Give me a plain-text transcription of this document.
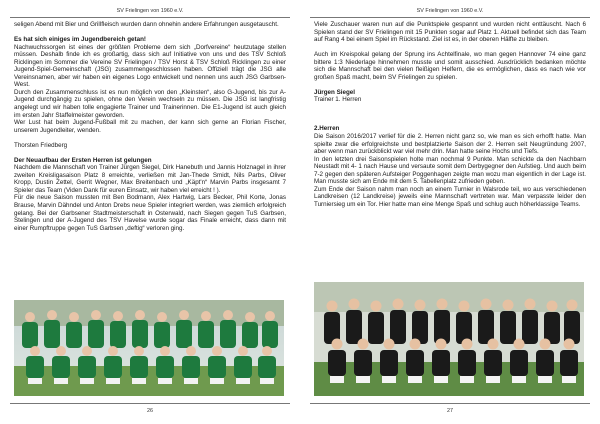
SV Frielingen von 1960 e.V.

seligen Abend mit Bier und Grillfleisch wurden dann ohnehin andere Erfahrungen ausgetauscht.

Es hat sich einiges im Jugendbereich getan!

Nachwuchssorgen ist eines der größten Probleme dem sich „Dorfvereine“ heutzutage stellen müssen. Deshalb finde ich es großartig, dass sich auf Initiative von uns und des TSV Schloß Ricklingen im Sommer die Vereine SV Frielingen / TSV Horst & TSV Schloß Ricklingen zu einer Jugend-Spiel-Gemeinschaft (JSG) zusammengeschlossen haben. Offiziell trägt die JSG alle Vereinsnamen, aber wir haben ein eigenes Logo entwickelt und nennen uns auch JSG Garbsen-West.

Durch den Zusammenschluss ist es nun möglich von den „Kleinsten“, also G-Jugend, bis zur A-Jugend durchgängig zu spielen, ohne den Verein wechseln zu müssen. Die JSG ist langfristig angelegt und wir haben tolle engagierte Trainer und Trainerinnen. Die E1-Jugend ist auch gleich im ersten Jahr Staffelmeister geworden.

Wer Lust hat beim Jugend-Fußball mit zu machen, der kann sich gerne an Florian Fischer, unserem Jugendleiter, wenden.

Thorsten Friedberg

Der Neuaufbau der Ersten Herren ist gelungen

Nachdem die Mannschaft von Trainer Jürgen Siegel, Dirk Hanebuth und Jannis Holznagel in ihrer zweiten Kreisligasaison Platz 8 erreichte, verließen mit Jan-Thede Smidt, Nils Parbs, Oliver Kropp, Dustin Zettel, Gerrit Wegner, Max Breitenbach und „Käpt'n“ Marvin Parbs insgesamt 7 Spieler das Team (Viden Dank für euren Einsatz, wir haben viel erreicht ! ).

Für die neue Saison mussten mit Ben Bodmann, Alex Hartwig, Lars Becker, Phil Korte, Jonas Brause, Marvin Dähndel und Anton Drebs neue Spieler integriert werden, was ziemlich erfolgreich gelang. Bei der Garbsener Stadtmeisterschaft in Osterwald, nach Siegen gegen TuS Garbsen, Stelingen und der A-Jugend des TSV Havelse wurde sogar das Finale erreicht, dass dann mit einer Rumpftruppe gegen TuS Garbsen „deftig“ verloren ging.

26
SV Frielingen von 1960 e.V.

Viele Zuschauer waren nun auf die Punktspiele gespannt und wurden nicht enttäuscht. Nach 6 Spielen stand der SV Frielingen mit 15 Punkten sogar auf Platz 1. Aktuell befindet sich das Team auf Rang 4 bei einem Spiel im Rückstand. Ziel ist es, in der oberen Hälfte zu bleiben.

Auch im Kreispokal gelang der Sprung ins Achtelfinale, wo man gegen Hannover 74 eine ganz bittere 1:3 Niederlage hinnehmen musste und somit ausschied. Ausdrücklich bedanken möchte sich die Mannschaft bei den vielen fleißigen Helfern, die es ermöglichen, dass es nach wie vor großen Spaß macht, beim SV Frielingen zu spielen.

Jürgen Siegel

Trainer 1. Herren

2.Herren

Die Saison 2016/2017 verlief für die 2. Herren nicht ganz so, wie man es sich erhofft hatte. Man spielte zwar die erfolgreichste und bestplatzierte Saison der 2. Herren seit Neugründung 2007, aber wenn man zurückblickt war viel mehr drin. Man hatte seine Hochs und Tiefs.

In den letzten drei Saisonspielen holte man nochmal 9 Punkte. Man schickte da den Nachbarn Neustadt mit 4- 1 nach Hause und versaute somit dem Derbygegner den Aufstieg. Und auch beim 7-2 gegen den späteren Aufsteiger Poggenhagen zeigte man wozu man eigentlich in der Lage ist. Man musste sich am Ende mit dem 5. Tabellenplatz zufrieden geben.

Zum Ende der Saison nahm man noch an einem Turnier in Walsrode teil, wo aus verschiedenen Landkreisen (12 Landkreise) jeweils eine Mannschaft vertreten war. Man verpasste leider den Turniersieg um ein Tor. Hier hatte man eine Menge Spaß und schlug auch höherklassige Teams.

27
